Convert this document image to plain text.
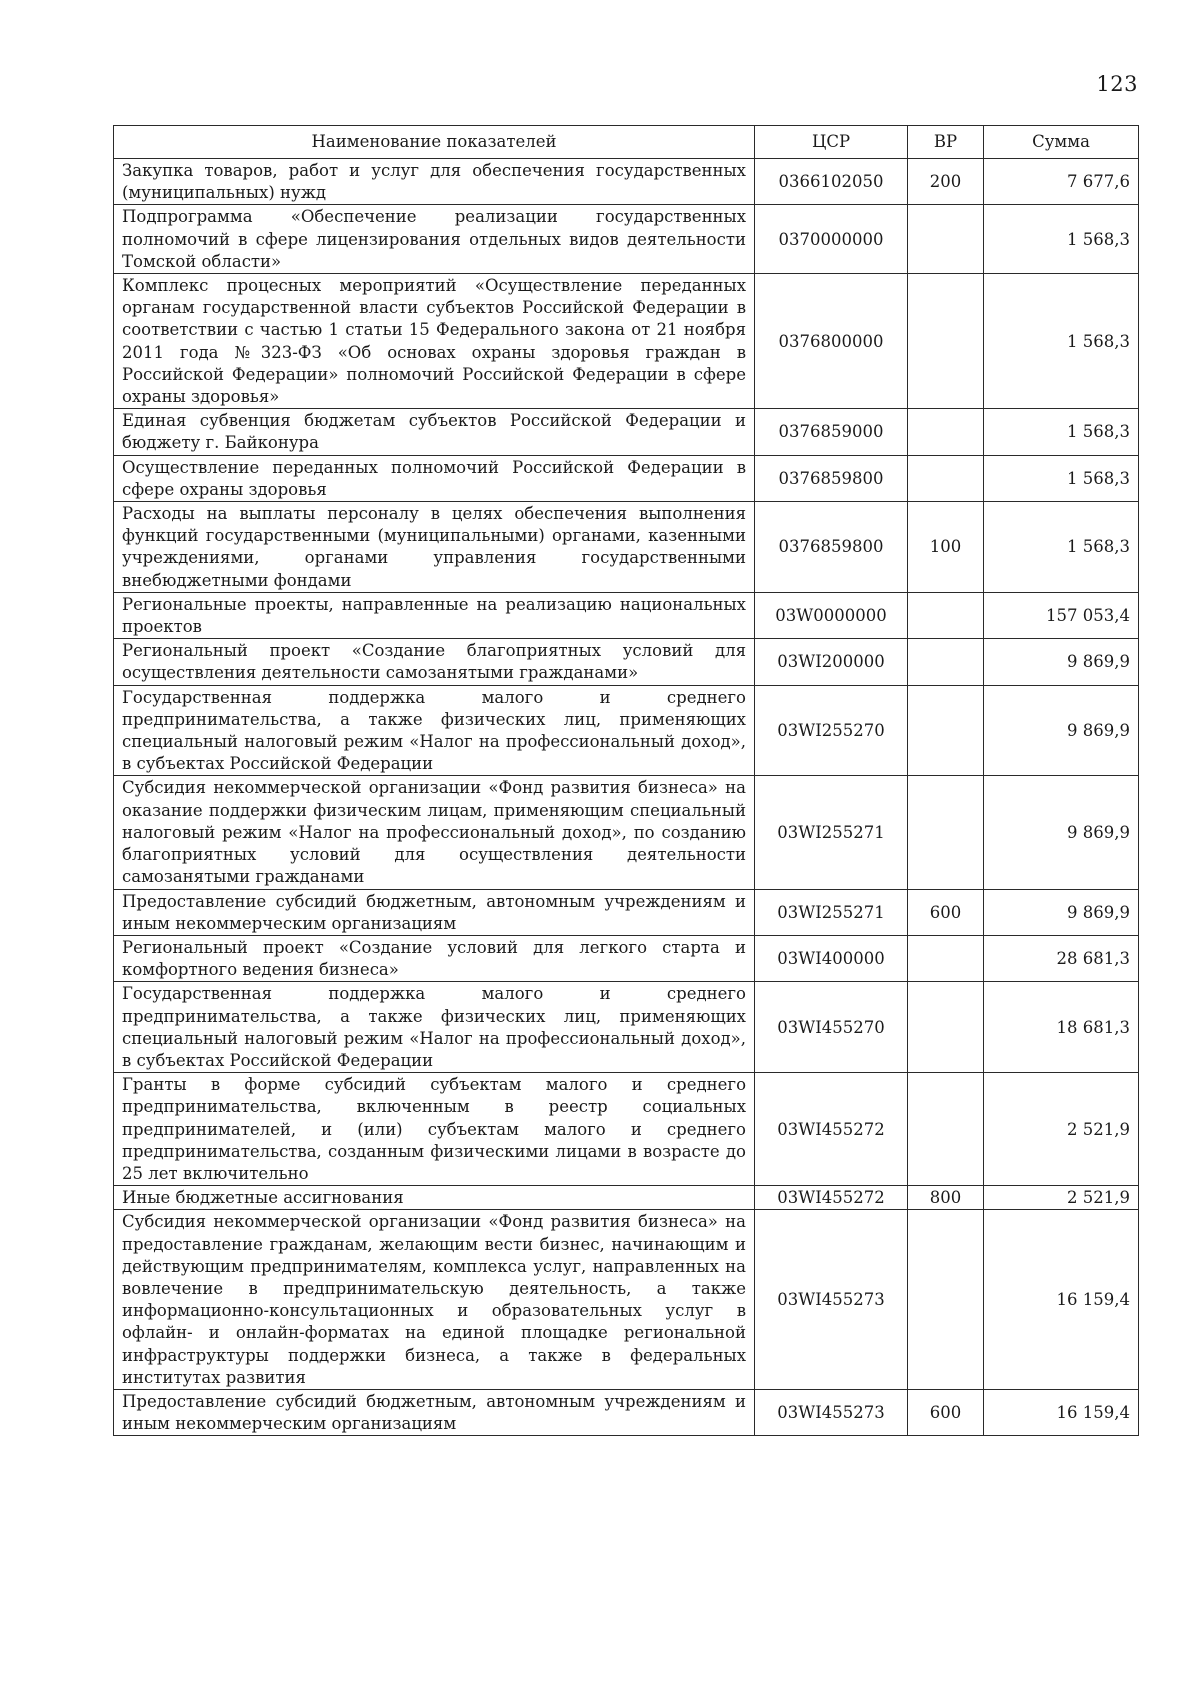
123
Наименование показателей	ЦСР	ВР	Сумма
Закупка товаров, работ и услуг для обеспечения государственных (муниципальных) нужд	0366102050	200	7 677,6
Подпрограмма «Обеспечение реализации государственных полномочий в сфере лицензирования отдельных видов деятельности Томской области»	0370000000		1 568,3
Комплекс процесных мероприятий «Осуществление переданных органам государственной власти субъектов Российской Федерации в соответствии с частью 1 статьи 15 Федерального закона от 21 ноября 2011 года №323-ФЗ «Об основах охраны здоровья граждан в Российской Федерации» полномочий Российской Федерации в сфере охраны здоровья»	0376800000		1 568,3
Единая субвенция бюджетам субъектов Российской Федерации и бюджету г. Байконура	0376859000		1 568,3
Осуществление переданных полномочий Российской Федерации в сфере охраны здоровья	0376859800		1 568,3
Расходы на выплаты персоналу в целях обеспечения выполнения функций государственными (муниципальными) органами, казенными учреждениями, органами управления государственными внебюджетными фондами	0376859800	100	1 568,3
Региональные проекты, направленные на реализацию национальных проектов	03W0000000		157 053,4
Региональный проект «Создание благоприятных условий для осуществления деятельности самозанятыми гражданами»	03WI200000		9 869,9
Государственная поддержка малого и среднего предпринимательства, а также физических лиц, применяющих специальный налоговый режим «Налог на профессиональный доход», в субъектах Российской Федерации	03WI255270		9 869,9
Субсидия некоммерческой организации «Фонд развития бизнеса» на оказание поддержки физическим лицам, применяющим специальный налоговый режим «Налог на профессиональный доход», по созданию благоприятных условий для осуществления деятельности самозанятыми гражданами	03WI255271		9 869,9
Предоставление субсидий бюджетным, автономным учреждениям и иным некоммерческим организациям	03WI255271	600	9 869,9
Региональный проект «Создание условий для легкого старта и комфортного ведения бизнеса»	03WI400000		28 681,3
Государственная поддержка малого и среднего предпринимательства, а также физических лиц, применяющих специальный налоговый режим «Налог на профессиональный доход», в субъектах Российской Федерации	03WI455270		18 681,3
Гранты в форме субсидий субъектам малого и среднего предпринимательства, включенным в реестр социальных предпринимателей, и (или) субъектам малого и среднего предпринимательства, созданным физическими лицами в возрасте до 25 лет включительно	03WI455272		2 521,9
Иные бюджетные ассигнования	03WI455272	800	2 521,9
Субсидия некоммерческой организации «Фонд развития бизнеса» на предоставление гражданам, желающим вести бизнес, начинающим и действующим предпринимателям, комплекса услуг, направленных на вовлечение в предпринимательскую деятельность, а также информационно-консультационных и образовательных услуг в офлайн- и онлайн-форматах на единой площадке региональной инфраструктуры поддержки бизнеса, а также в федеральных институтах развития	03WI455273		16 159,4
Предоставление субсидий бюджетным, автономным учреждениям и иным некоммерческим организациям	03WI455273	600	16 159,4
